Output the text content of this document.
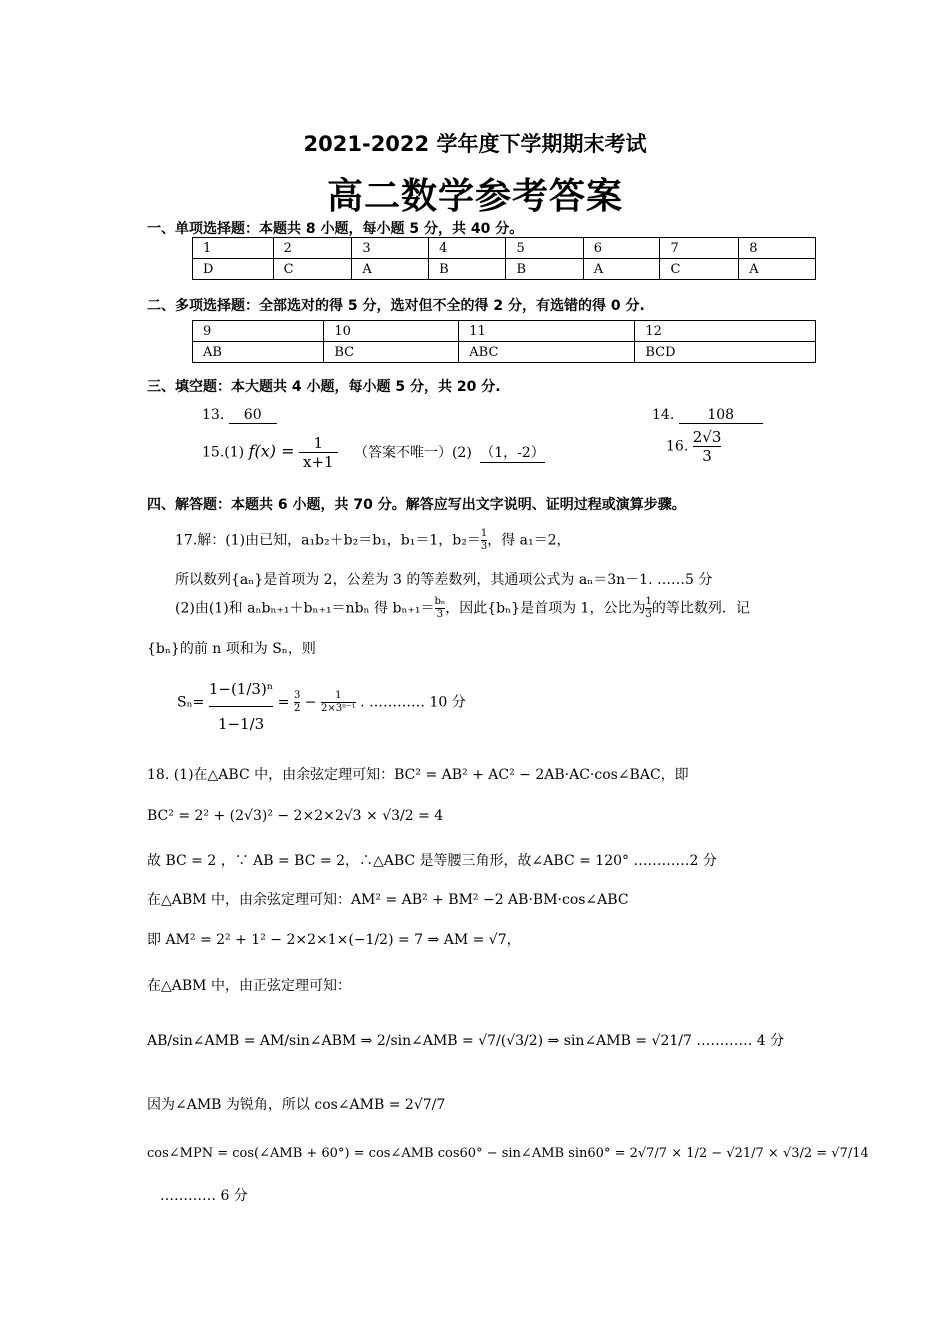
2021-2022 学年度下学期期末考试
高二数学参考答案
一、单项选择题：本题共 8 小题，每小题 5 分，共 40 分。
1	2	3	4	5	6	7	8
D	C	A	B	B	A	C	A
二、多项选择题：全部选对的得 5 分，选对但不全的得 2 分，有选错的得 0 分.
9	10	11	12
AB	BC	ABC	BCD
三、填空题：本大题共 4 小题，每小题 5 分，共 20 分.
13. 60	14. 108
15.(1) $f(x) = \frac{1}{x+1}$ （答案不唯一）(2) （1，-2）	16. $\frac{2√3}{3}$
四、解答题：本题共 6 小题，共 70 分。解答应写出文字说明、证明过程或演算步骤。
17.解：(1)由已知，a₁b₂＋b₂＝b₁，b₁＝1，$b_2= \frac{1}{3}$ ，得 a₁＝2，
所以数列{aₙ}是首项为 2，公差为 3 的等差数列，其通项公式为 aₙ＝3n－1. ……5 分
(2)由(1)和 aₙbₙ₊₁＋bₙ₊₁＝nbₙ 得 $b_{n+1}= \frac{\text{bₙ}}{3}$ ，因此{bₙ}是首项为 1，公比为 $\frac{1}{3}$ 的等比数列．记
{bₙ}的前 n 项和为 Sₙ，则
$S_n= \frac{\text{1−(1/3)ⁿ}}{1-1/3} = \frac{3}{2} - \frac{1}{\text{2×3ⁿ⁻¹}}$ . ………… 10 分
18. (1)在△ABC 中，由余弦定理可知：BC² = AB² + AC² − 2AB·AC·cos∠BAC，即
BC² = 2² + (2√3)² − 2×2×2√3 × √3/2 = 4
故 BC = 2 ，∵ AB = BC = 2，∴△ABC 是等腰三角形，故∠ABC = 120° …………2 分
在△ABM 中，由余弦定理可知：AM² = AB² + BM² −2 AB·BM·cos∠ABC
即 AM² = 2² + 1² − 2×2×1×(−1/2) = 7 ⇒ AM = √7，
在△ABM 中，由正弦定理可知：
AB/sin∠AMB = AM/sin∠ABM ⇒ 2/sin∠AMB = √7/(√3/2) ⇒ sin∠AMB = √21/7 ………… 4 分
因为∠AMB 为锐角，所以 cos∠AMB = 2√7/7
cos∠MPN = cos(∠AMB + 60°) = cos∠AMB cos60° − sin∠AMB sin60° = 2√7/7 × 1/2 − √21/7 × √3/2 = √7/14
………… 6 分
